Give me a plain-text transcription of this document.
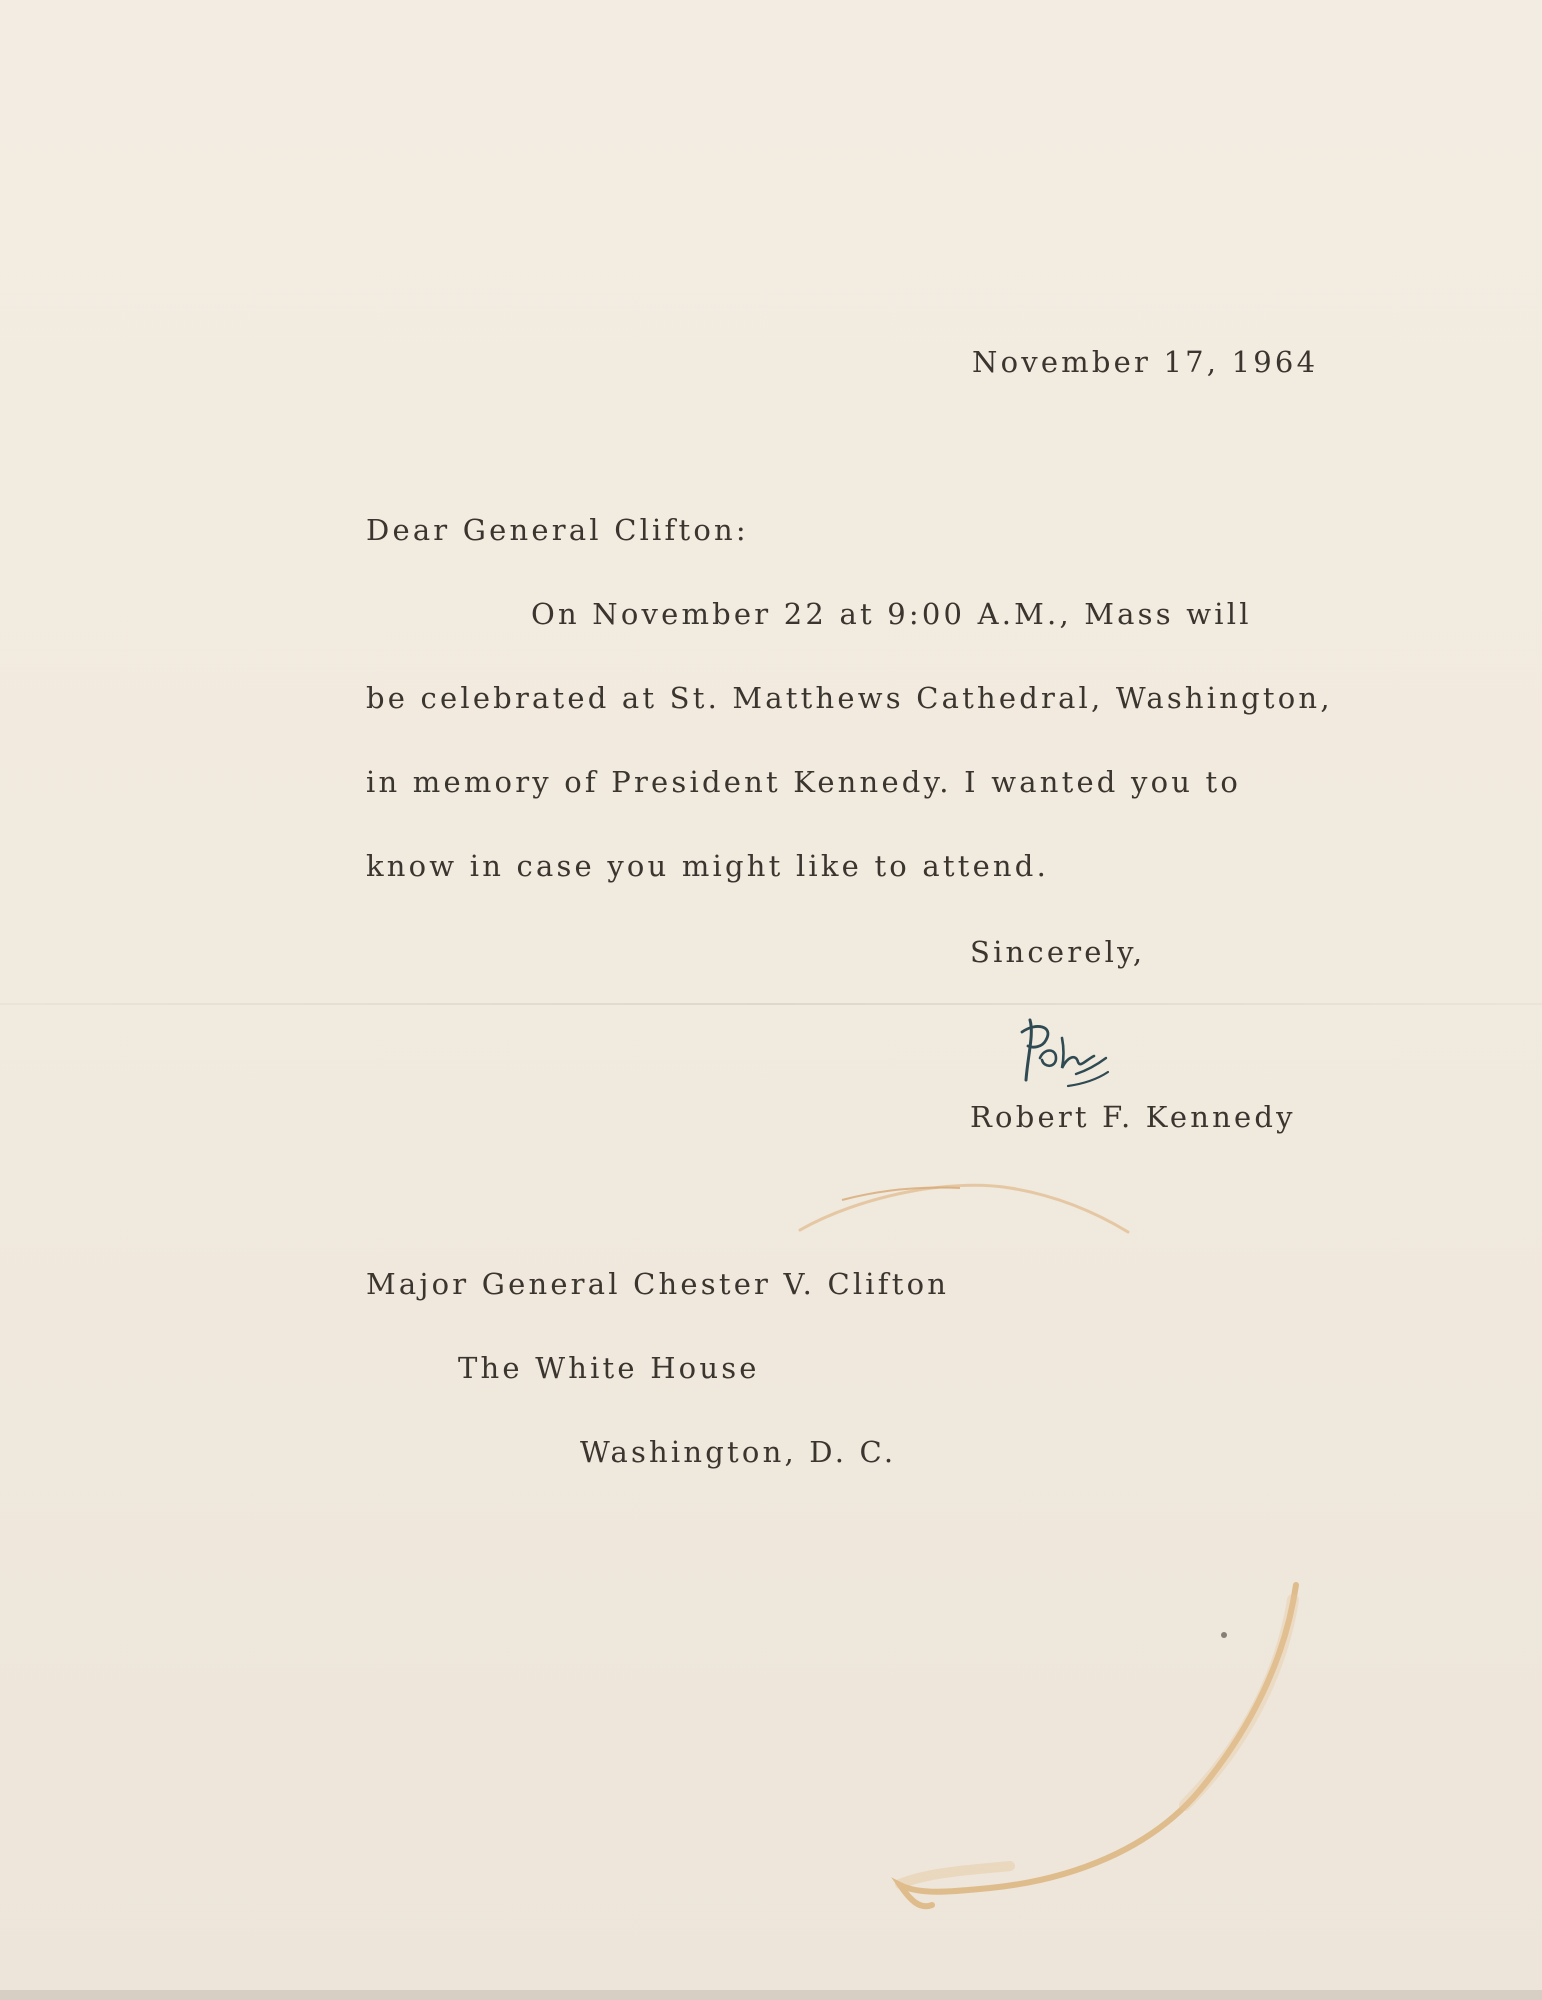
November 17, 1964
Dear General Clifton:
On November 22 at 9:00 A.M., Mass will
be celebrated at St. Matthews Cathedral, Washington,
in memory of President Kennedy. I wanted you to
know in case you might like to attend.
Sincerely,
Robert F. Kennedy
Major General Chester V. Clifton
The White House
Washington, D. C.
